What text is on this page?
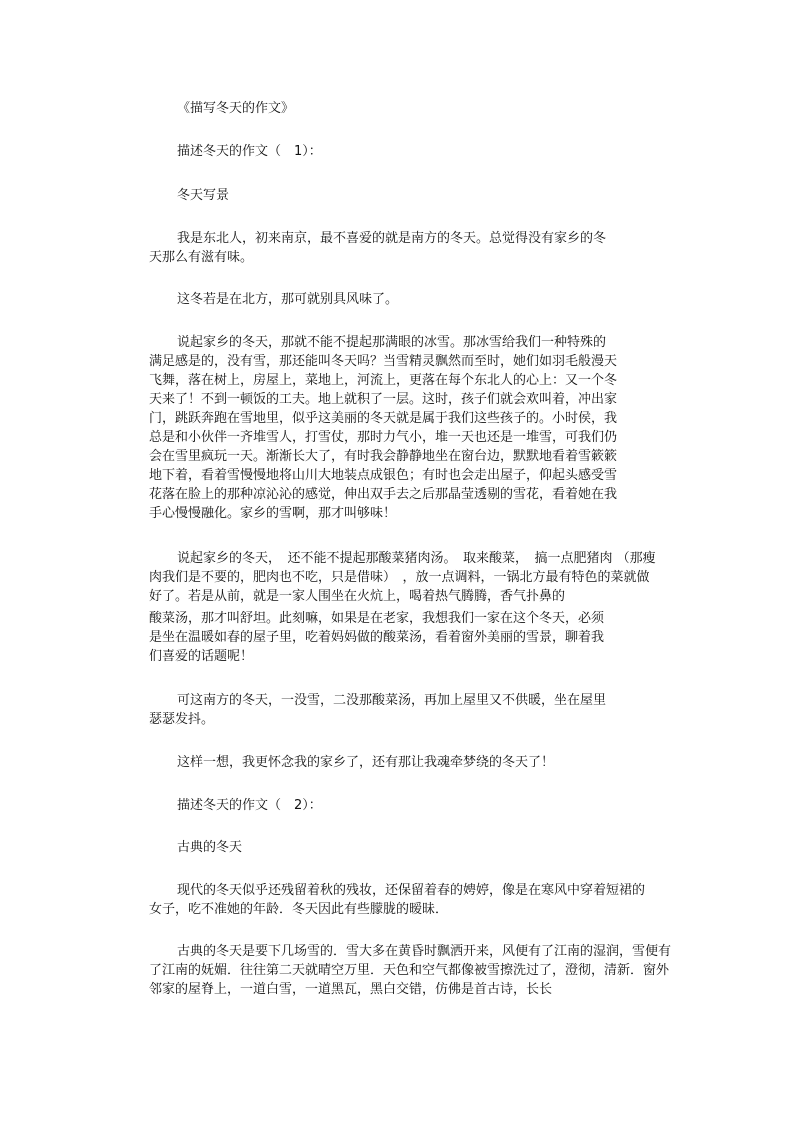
《描写冬天的作文》
描述冬天的作文（　1）：
冬天写景
我是东北人，初来南京，最不喜爱的就是南方的冬天。总觉得没有家乡的冬
天那么有滋有味。
这冬若是在北方，那可就别具风味了。
说起家乡的冬天，那就不能不提起那满眼的冰雪。那冰雪给我们一种特殊的
满足感是的，没有雪，那还能叫冬天吗？当雪精灵飘然而至时，她们如羽毛般漫天
飞舞，落在树上，房屋上，菜地上，河流上，更落在每个东北人的心上：又一个冬
天来了！不到一顿饭的工夫。地上就积了一层。这时，孩子们就会欢叫着，冲出家
门，跳跃奔跑在雪地里，似乎这美丽的冬天就是属于我们这些孩子的。小时侯，我
总是和小伙伴一齐堆雪人，打雪仗，那时力气小，堆一天也还是一堆雪，可我们仍
会在雪里疯玩一天。渐渐长大了，有时我会静静地坐在窗台边，默默地看着雪簌簌
地下着，看着雪慢慢地将山川大地装点成银色；有时也会走出屋子，仰起头感受雪
花落在脸上的那种凉沁沁的感觉，伸出双手去之后那晶莹透剔的雪花，看着她在我
手心慢慢融化。家乡的雪啊，那才叫够味！
说起家乡的冬天，　还不能不提起那酸菜猪肉汤。　取来酸菜，　搞一点肥猪肉 （那瘦
肉我们是不要的，肥肉也不吃，只是借味）　，放一点调料，一锅北方最有特色的菜就做
好了。若是从前，就是一家人围坐在火炕上，喝着热气腾腾，香气扑鼻的
酸菜汤，那才叫舒坦。此刻嘛，如果是在老家，我想我们一家在这个冬天，必须
是坐在温暖如春的屋子里，吃着妈妈做的酸菜汤，看着窗外美丽的雪景，聊着我
们喜爱的话题呢！
可这南方的冬天，一没雪，二没那酸菜汤，再加上屋里又不供暖，坐在屋里
瑟瑟发抖。
这样一想，我更怀念我的家乡了，还有那让我魂牵梦绕的冬天了！
描述冬天的作文（　2）：
古典的冬天
现代的冬天似乎还残留着秋的残妆，还保留着春的娉婷，像是在寒风中穿着短裙的
女子，吃不准她的年龄．冬天因此有些朦胧的暧昧．
古典的冬天是要下几场雪的．雪大多在黄昏时飘洒开来，风便有了江南的湿润，雪便有
了江南的妩媚．往往第二天就晴空万里．天色和空气都像被雪擦洗过了，澄彻，清新．窗外
邻家的屋脊上，一道白雪，一道黑瓦，黑白交错，仿佛是首古诗，长长
